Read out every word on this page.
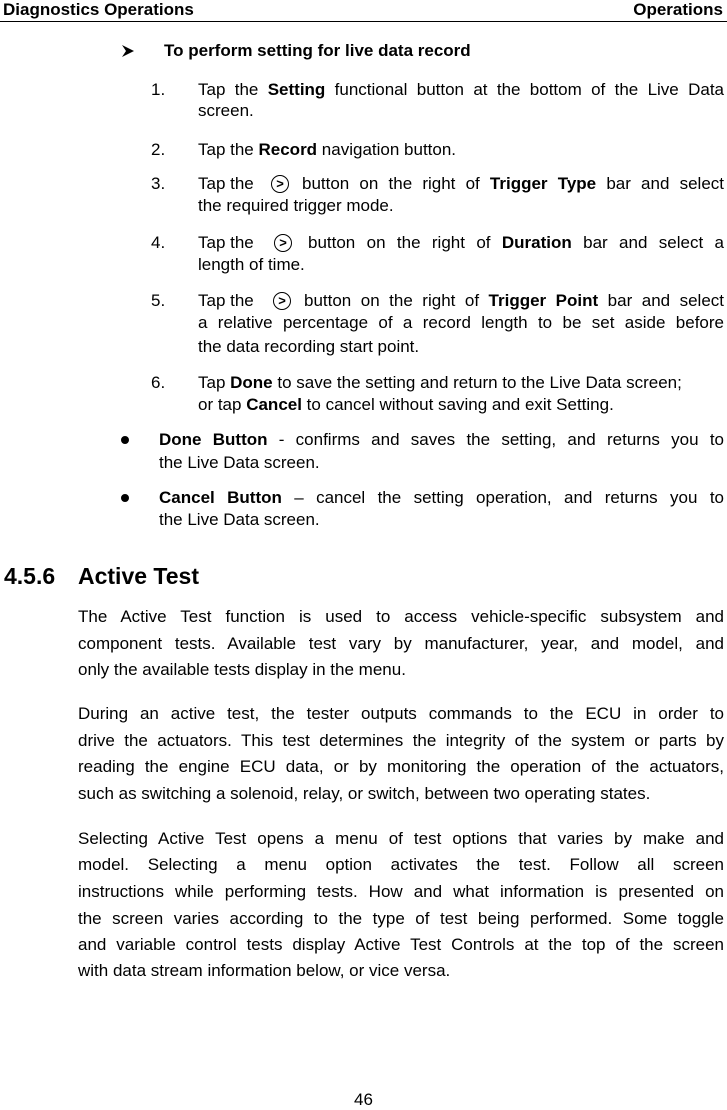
Diagnostics Operations	Operations
To perform setting for live data record
1. Tap the Setting functional button at the bottom of the Live Data
screen.
2. Tap the Record navigation button.
3. Tap the	>	button on the right of Trigger Type bar and select
the required trigger mode.
4. Tap the	>	button on the right of Duration bar and select a
length of time.
5. Tap the	>	button on the right of Trigger Point bar and select
a relative percentage of a record length to be set aside before
the data recording start point.
6. Tap Done to save the setting and return to the Live Data screen;
or tap Cancel to cancel without saving and exit Setting.
Done Button - confirms and saves the setting, and returns you to
the Live Data screen.
Cancel Button – cancel the setting operation, and returns you to
the Live Data screen.
4.5.6 Active Test
The Active Test function is used to access vehicle-specific subsystem and
component tests. Available test vary by manufacturer, year, and model, and
only the available tests display in the menu.
During an active test, the tester outputs commands to the ECU in order to
drive the actuators. This test determines the integrity of the system or parts by
reading the engine ECU data, or by monitoring the operation of the actuators,
such as switching a solenoid, relay, or switch, between two operating states.
Selecting Active Test opens a menu of test options that varies by make and
model. Selecting a menu option activates the test. Follow all screen
instructions while performing tests. How and what information is presented on
the screen varies according to the type of test being performed. Some toggle
and variable control tests display Active Test Controls at the top of the screen
with data stream information below, or vice versa.
46
